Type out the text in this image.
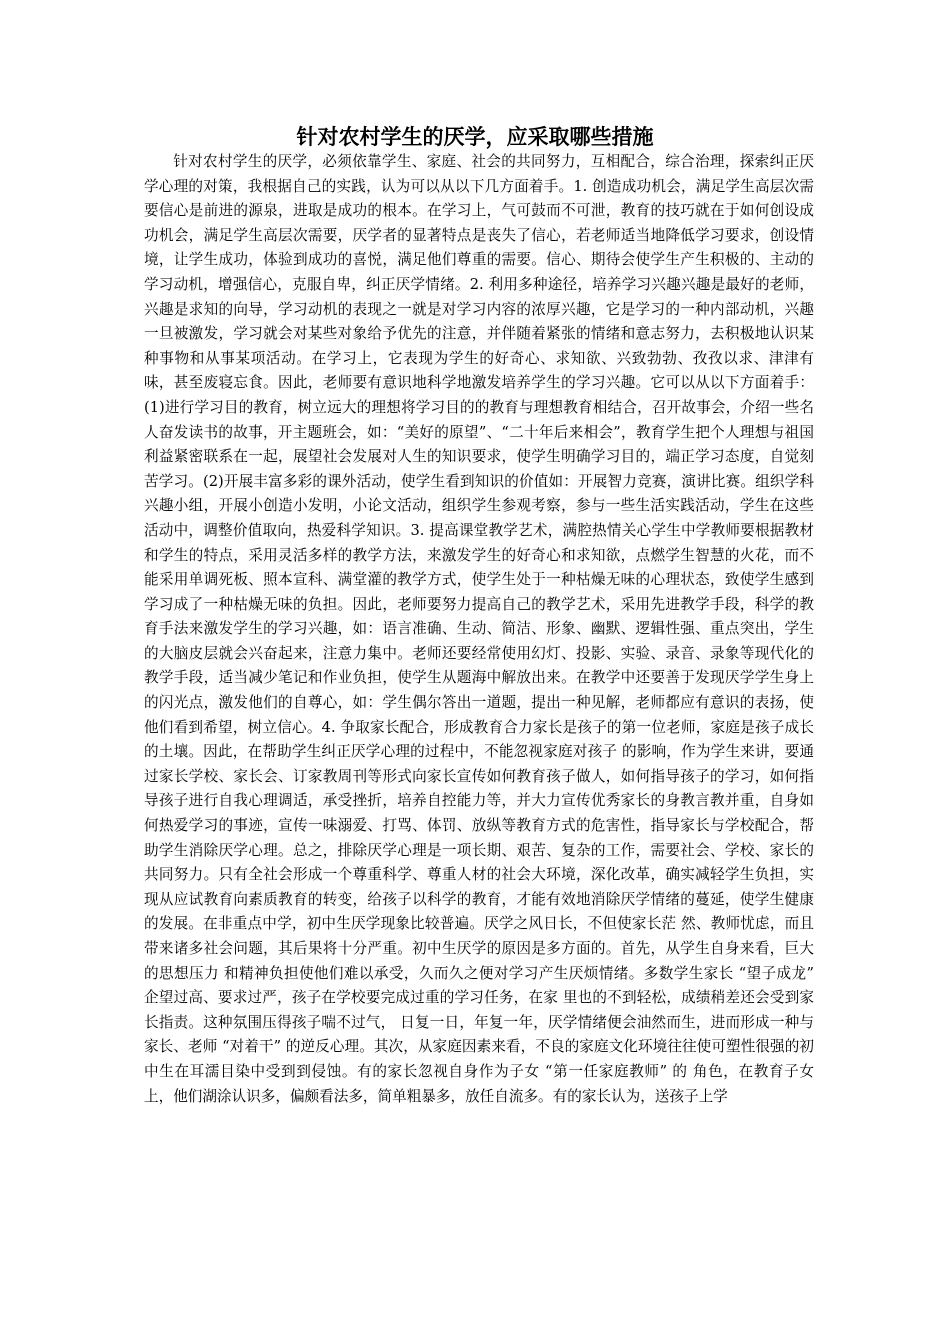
针对农村学生的厌学，应采取哪些措施

针对农村学生的厌学，必须依靠学生、家庭、社会的共同努力，互相配合，综合治理，探索纠正厌学心理的对策，我根据自己的实践，认为可以从以下几方面着手。1. 创造成功机会，满足学生高层次需要信心是前进的源泉，进取是成功的根本。在学习上，气可鼓而不可泄，教育的技巧就在于如何创设成功机会，满足学生高层次需要，厌学者的显著特点是丧失了信心，若老师适当地降低学习要求，创设情境，让学生成功，体验到成功的喜悦，满足他们尊重的需要。信心、期待会使学生产生积极的、主动的学习动机，增强信心，克服自卑，纠正厌学情绪。2. 利用多种途径，培养学习兴趣兴趣是最好的老师，兴趣是求知的向导，学习动机的表现之一就是对学习内容的浓厚兴趣，它是学习的一种内部动机，兴趣一旦被激发，学习就会对某些对象给予优先的注意，并伴随着紧张的情绪和意志努力，去积极地认识某种事物和从事某项活动。在学习上，它表现为学生的好奇心、求知欲、兴致勃勃、孜孜以求、津津有味，甚至废寝忘食。因此，老师要有意识地科学地激发培养学生的学习兴趣。它可以从以下方面着手：(1)进行学习目的教育，树立远大的理想将学习目的的教育与理想教育相结合，召开故事会，介绍一些名人奋发读书的故事，开主题班会，如：“美好的原望”、“二十年后来相会”，教育学生把个人理想与祖国利益紧密联系在一起，展望社会发展对人生的知识要求，使学生明确学习目的，端正学习态度，自觉刻苦学习。(2)开展丰富多彩的课外活动，使学生看到知识的价值如：开展智力竞赛，演讲比赛。组织学科兴趣小组，开展小创造小发明，小论文活动，组织学生参观考察，参与一些生活实践活动，学生在这些活动中，调整价值取向，热爱科学知识。3. 提高课堂教学艺术，满腔热情关心学生中学教师要根据教材和学生的特点，采用灵活多样的教学方法，来激发学生的好奇心和求知欲，点燃学生智慧的火花，而不能采用单调死板、照本宣科、满堂灌的教学方式，使学生处于一种枯燥无味的心理状态，致使学生感到学习成了一种枯燥无味的负担。因此，老师要努力提高自己的教学艺术，采用先进教学手段，科学的教育手法来激发学生的学习兴趣，如：语言准确、生动、简洁、形象、幽默、逻辑性强、重点突出，学生的大脑皮层就会兴奋起来，注意力集中。老师还要经常使用幻灯、投影、实验、录音、录象等现代化的教学手段，适当减少笔记和作业负担，使学生从题海中解放出来。在教学中还要善于发现厌学学生身上的闪光点，激发他们的自尊心，如：学生偶尔答出一道题，提出一种见解，老师都应有意识的表扬，使他们看到希望，树立信心。4. 争取家长配合，形成教育合力家长是孩子的第一位老师，家庭是孩子成长的土壤。因此，在帮助学生纠正厌学心理的过程中，不能忽视家庭对孩子 的影响，作为学生来讲，要通过家长学校、家长会、订家教周刊等形式向家长宣传如何教育孩子做人，如何指导孩子的学习，如何指导孩子进行自我心理调适，承受挫折，培养自控能力等，并大力宣传优秀家长的身教言教并重，自身如何热爱学习的事迹，宣传一味溺爱、打骂、体罚、放纵等教育方式的危害性，指导家长与学校配合，帮助学生消除厌学心理。总之，排除厌学心理是一项长期、艰苦、复杂的工作，需要社会、学校、家长的共同努力。只有全社会形成一个尊重科学、尊重人材的社会大环境，深化改革，确实减轻学生负担，实现从应试教育向素质教育的转变，给孩子以科学的教育，才能有效地消除厌学情绪的蔓延，使学生健康的发展。在非重点中学，初中生厌学现象比较普遍。厌学之风日长，不但使家长茫 然、教师忧虑，而且带来诸多社会问题，其后果将十分严重。初中生厌学的原因是多方面的。首先，从学生自身来看，巨大的思想压力 和精神负担使他们难以承受，久而久之便对学习产生厌烦情绪。多数学生家长 “望子成龙” 企望过高、要求过严，孩子在学校要完成过重的学习任务，在家 里也的不到轻松，成绩稍差还会受到家长指责。这种氛围压得孩子喘不过气， 日复一日，年复一年，厌学情绪便会油然而生，进而形成一种与家长、老师 “对着干” 的逆反心理。其次，从家庭因素来看，不良的家庭文化环境往往使可塑性很强的初中生在耳濡目染中受到到侵蚀。有的家长忽视自身作为子女 “第一任家庭教师” 的 角色，在教育子女上，他们湖涂认识多，偏颇看法多，简单粗暴多，放任自流多。有的家长认为，送孩子上学
